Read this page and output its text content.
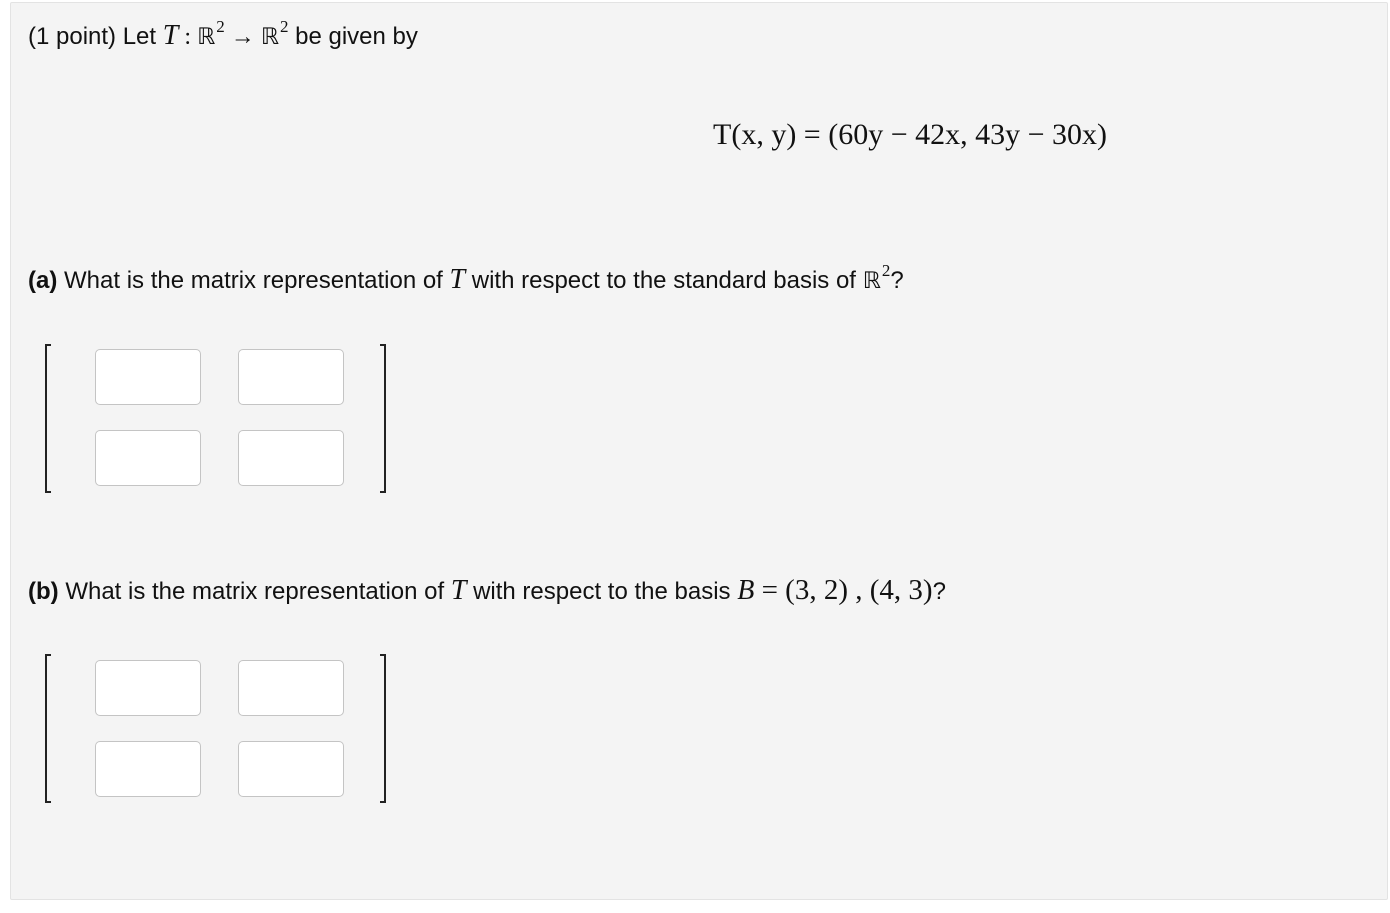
(1 point) Let T : ℝ$^2$ → ℝ$^2$ be given by
T(x, y) = (60y − 42x, 43y − 30x)
(a) What is the matrix representation of T with respect to the standard basis of ℝ$^2$?
(b) What is the matrix representation of T with respect to the basis B = (3, 2) , (4, 3)?
